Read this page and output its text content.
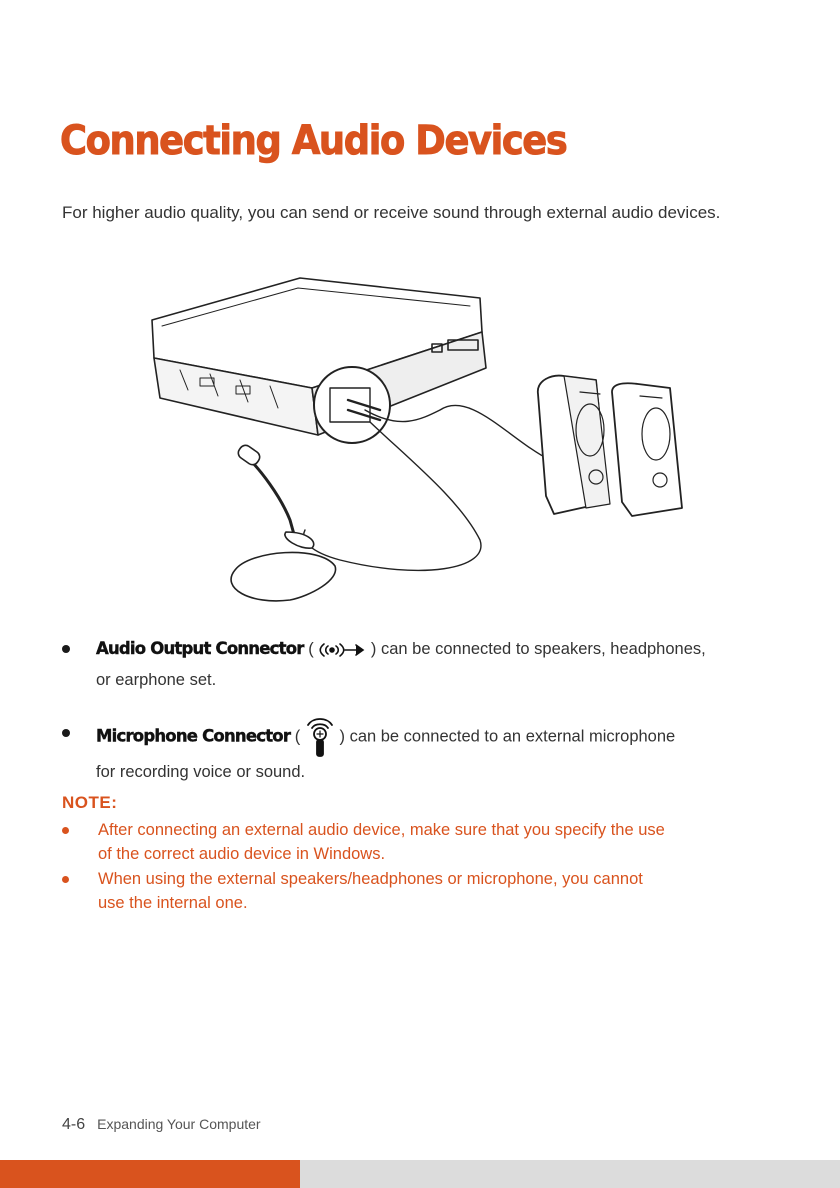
Connecting Audio Devices

For higher audio quality, you can send or receive sound through external audio devices.

Audio Output Connector (	) can be connected to speakers, headphones,
or earphone set.
Microphone Connector ( ) can be connected to an external microphone
for recording voice or sound.
NOTE:
After connecting an external audio device, make sure that you specify the use
of the correct audio device in Windows.
When using the external speakers/headphones or microphone, you cannot
use the internal one.
4-6 Expanding Your Computer
